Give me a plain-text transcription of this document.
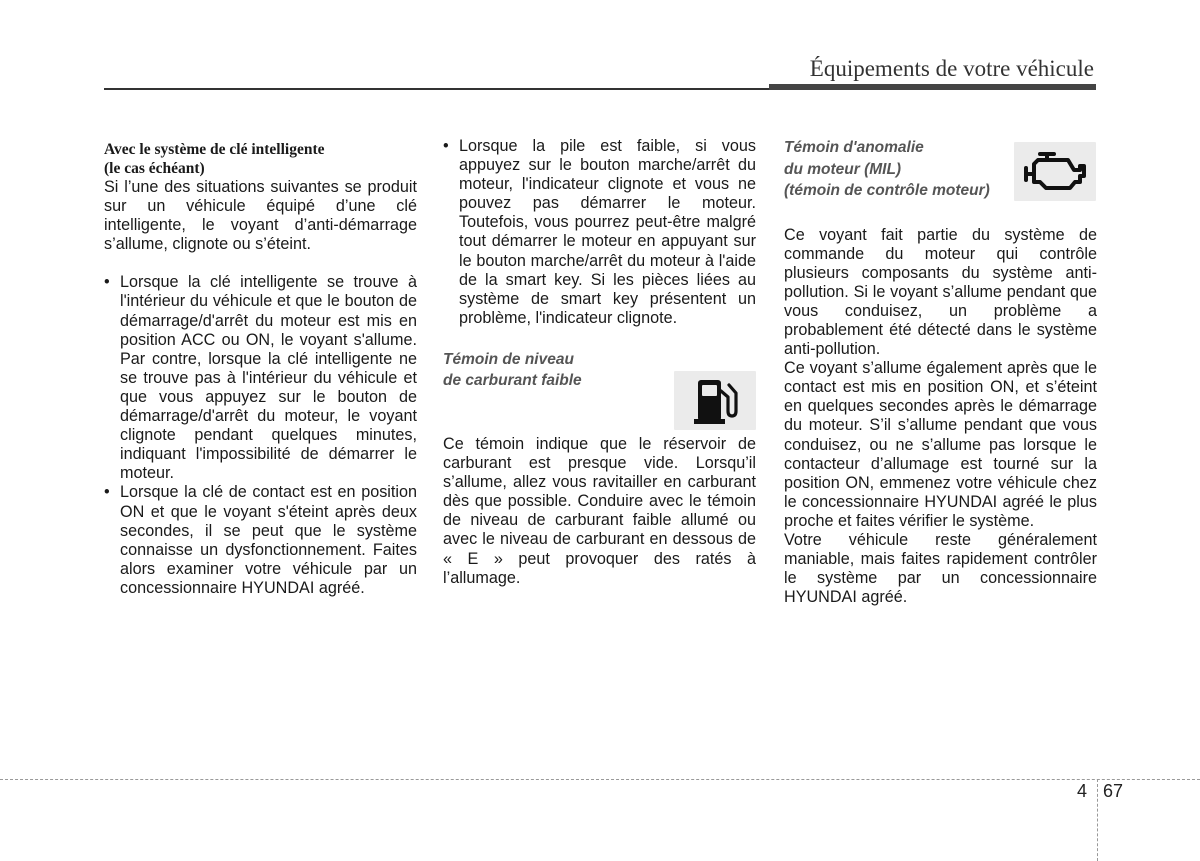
Équipements de votre véhicule
Avec le système de clé intelligente
(le cas échéant)

Si l’une des situations suivantes se produit sur un véhicule équipé d’une clé intelligente, le voyant d’anti-démarrage s’allume, clignote ou s’éteint.

• Lorsque la clé intelligente se trouve à l'intérieur du véhicule et que le bouton de démarrage/d'arrêt du moteur est mis en position ACC ou ON, le voyant s'allume. Par contre, lorsque la clé intelligente ne se trouve pas à l'intérieur du véhicule et que vous appuyez sur le bouton de démarrage/d'arrêt du moteur, le voyant clignote pendant quelques minutes, indiquant l'impossibilité de démarrer le moteur.
• Lorsque la clé de contact est en position ON et que le voyant s'éteint après deux secondes, il se peut que le système connaisse un dysfonctionnement. Faites alors examiner votre véhicule par un concessionnaire HYUNDAI agréé.
• Lorsque la pile est faible, si vous appuyez sur le bouton marche/arrêt du moteur, l'indicateur clignote et vous ne pouvez pas démarrer le moteur. Toutefois, vous pourrez peut-être malgré tout démarrer le moteur en appuyant sur le bouton marche/arrêt du moteur à l'aide de la smart key. Si les pièces liées au système de smart key présentent un problème, l'indicateur clignote.
Témoin de niveau
de carburant faible

Ce témoin indique que le réservoir de carburant est presque vide. Lorsqu’il s’allume, allez vous ravitailler en carburant dès que possible. Conduire avec le témoin de niveau de carburant faible allumé ou avec le niveau de carburant en dessous de « E » peut provoquer des ratés à l’allumage.

Témoin d'anomalie
du moteur (MIL)
(témoin de contrôle moteur)

Ce voyant fait partie du système de commande du moteur qui contrôle plusieurs composants du système anti-pollution. Si le voyant s’allume pendant que vous conduisez, un problème a probablement été détecté dans le système anti-pollution.

Ce voyant s’allume également après que le contact est mis en position ON, et s’éteint en quelques secondes après le démarrage du moteur. S’il s’allume pendant que vous conduisez, ou ne s’allume pas lorsque le contacteur d’allumage est tourné sur la position ON, emmenez votre véhicule chez le concessionnaire HYUNDAI agréé le plus proche et faites vérifier le système.

Votre véhicule reste généralement maniable, mais faites rapidement contrôler le système par un concessionnaire HYUNDAI agréé.

4 67
